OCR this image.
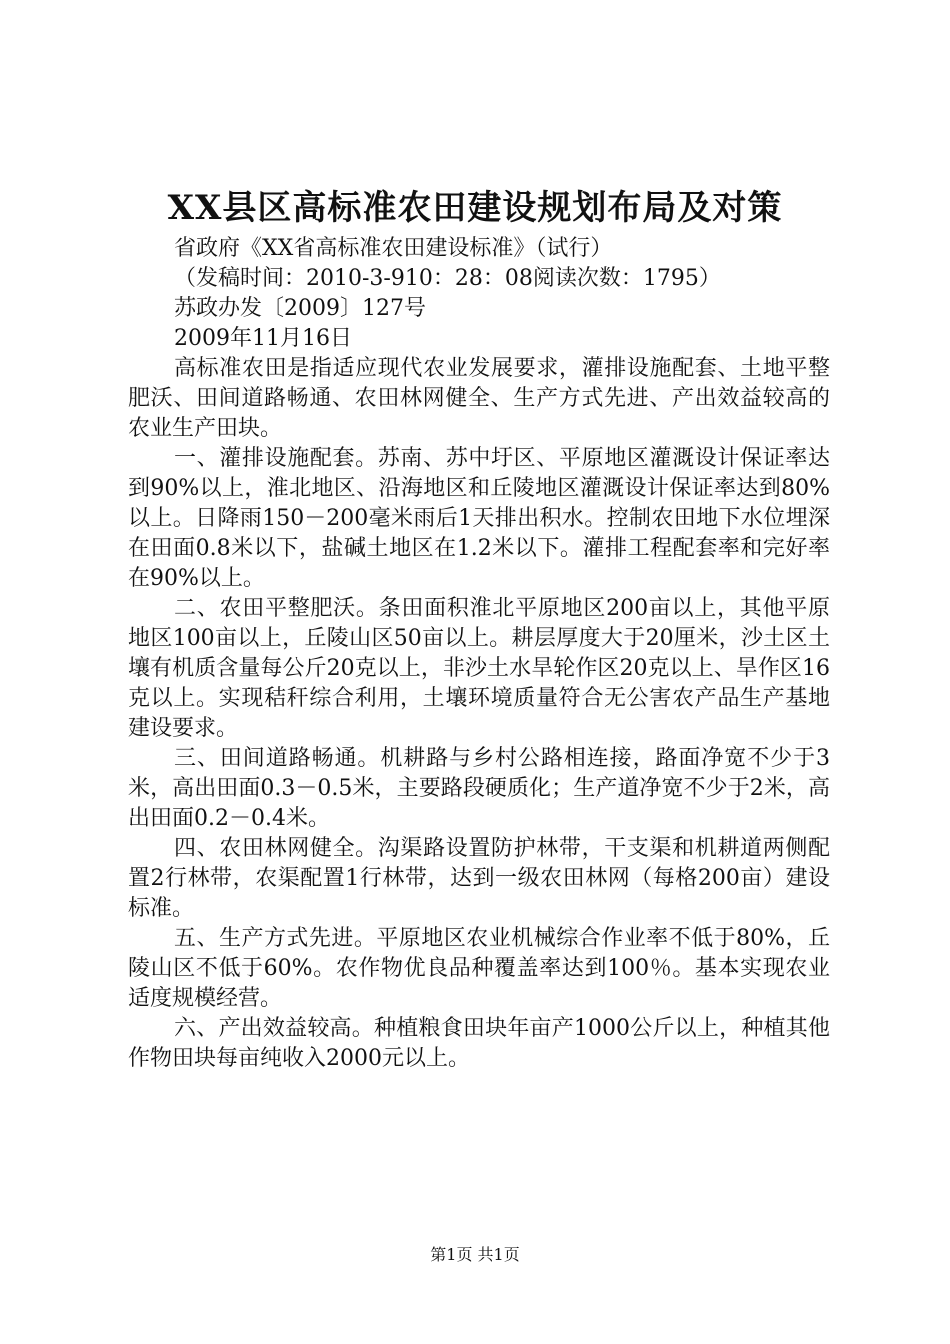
XX县区高标准农田建设规划布局及对策

省政府《XX省高标准农田建设标准》（试行）

（发稿时间：2010-3-910：28：08阅读次数：1795）

苏政办发〔2009〕127号

2009年11月16日

高标准农田是指适应现代农业发展要求，灌排设施配套、土地平整肥沃、田间道路畅通、农田林网健全、生产方式先进、产出效益较高的农业生产田块。

一、灌排设施配套。苏南、苏中圩区、平原地区灌溉设计保证率达到90%以上，淮北地区、沿海地区和丘陵地区灌溉设计保证率达到80%以上。日降雨150－200毫米雨后1天排出积水。控制农田地下水位埋深在田面0.8米以下，盐碱土地区在1.2米以下。灌排工程配套率和完好率在90%以上。

二、农田平整肥沃。条田面积淮北平原地区200亩以上，其他平原地区100亩以上，丘陵山区50亩以上。耕层厚度大于20厘米，沙土区土壤有机质含量每公斤20克以上，非沙土水旱轮作区20克以上、旱作区16克以上。实现秸秆综合利用，土壤环境质量符合无公害农产品生产基地建设要求。

三、田间道路畅通。机耕路与乡村公路相连接，路面净宽不少于3米，高出田面0.3－0.5米，主要路段硬质化；生产道净宽不少于2米，高出田面0.2－0.4米。

四、农田林网健全。沟渠路设置防护林带，干支渠和机耕道两侧配置2行林带，农渠配置1行林带，达到一级农田林网（每格200亩）建设标准。

五、生产方式先进。平原地区农业机械综合作业率不低于80%，丘陵山区不低于60%。农作物优良品种覆盖率达到100％。基本实现农业适度规模经营。

六、产出效益较高。种植粮食田块年亩产1000公斤以上，种植其他作物田块每亩纯收入2000元以上。

第1页 共1页
